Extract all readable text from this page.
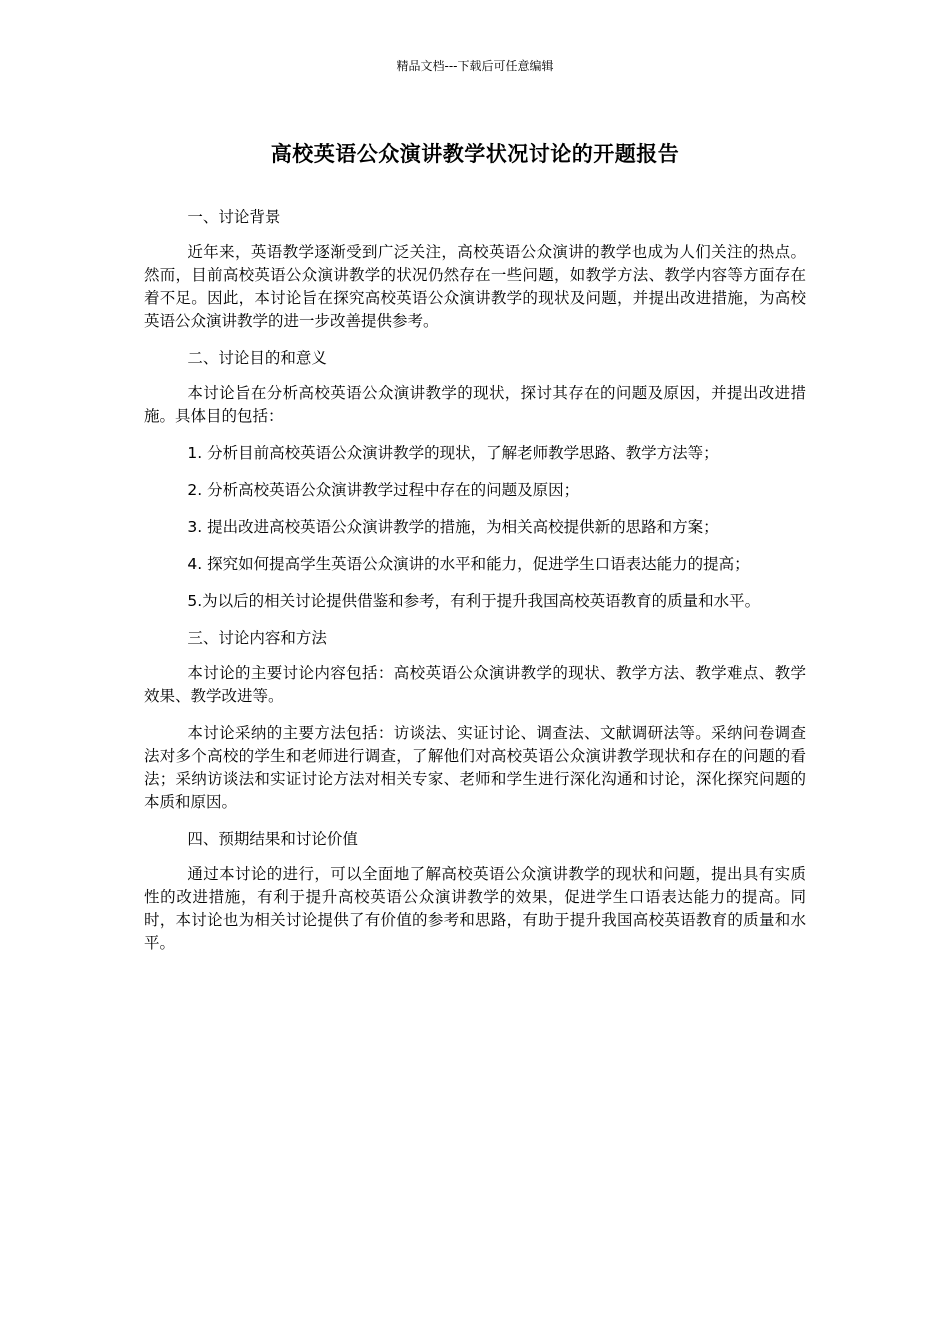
精品文档---下载后可任意编辑
高校英语公众演讲教学状况讨论的开题报告

一、讨论背景

近年来，英语教学逐渐受到广泛关注，高校英语公众演讲的教学也成为人们关注的热点。然而，目前高校英语公众演讲教学的状况仍然存在一些问题，如教学方法、教学内容等方面存在着不足。因此，本讨论旨在探究高校英语公众演讲教学的现状及问题，并提出改进措施，为高校英语公众演讲教学的进一步改善提供参考。

二、讨论目的和意义

本讨论旨在分析高校英语公众演讲教学的现状，探讨其存在的问题及原因，并提出改进措施。具体目的包括：

1. 分析目前高校英语公众演讲教学的现状，了解老师教学思路、教学方法等；

2. 分析高校英语公众演讲教学过程中存在的问题及原因；

3. 提出改进高校英语公众演讲教学的措施，为相关高校提供新的思路和方案；

4. 探究如何提高学生英语公众演讲的水平和能力，促进学生口语表达能力的提高；

5.为以后的相关讨论提供借鉴和参考，有利于提升我国高校英语教育的质量和水平。

三、讨论内容和方法

本讨论的主要讨论内容包括：高校英语公众演讲教学的现状、教学方法、教学难点、教学效果、教学改进等。

本讨论采纳的主要方法包括：访谈法、实证讨论、调查法、文献调研法等。采纳问卷调查法对多个高校的学生和老师进行调查，了解他们对高校英语公众演讲教学现状和存在的问题的看法；采纳访谈法和实证讨论方法对相关专家、老师和学生进行深化沟通和讨论，深化探究问题的本质和原因。

四、预期结果和讨论价值

通过本讨论的进行，可以全面地了解高校英语公众演讲教学的现状和问题，提出具有实质性的改进措施，有利于提升高校英语公众演讲教学的效果，促进学生口语表达能力的提高。同时，本讨论也为相关讨论提供了有价值的参考和思路，有助于提升我国高校英语教育的质量和水平。
